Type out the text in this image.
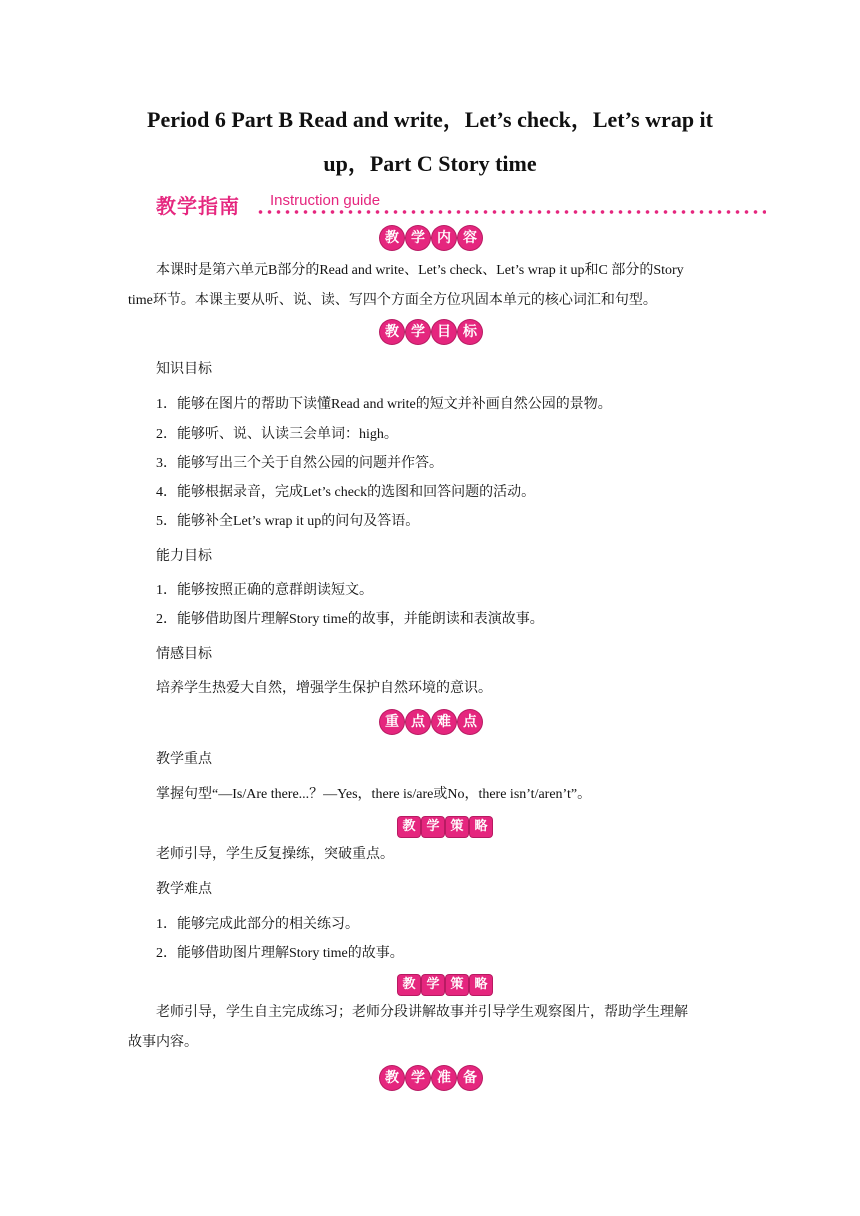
Period 6 Part B Read and write，Let’s check，Let’s wrap it
up，Part C Story time
教学指南 Instruction guide
教 学 内 容
本课时是第六单元B部分的Read and write、Let’s check、Let’s wrap it up和C 部分的Story
time环节。本课主要从听、说、读、写四个方面全方位巩固本单元的核心词汇和句型。
教 学 目 标
知识目标
1．能够在图片的帮助下读懂Read and write的短文并补画自然公园的景物。
2．能够听、说、认读三会单词：high。
3．能够写出三个关于自然公园的问题并作答。
4．能够根据录音，完成Let’s check的选图和回答问题的活动。
5．能够补全Let’s wrap it up的问句及答语。
能力目标
1．能够按照正确的意群朗读短文。
2．能够借助图片理解Story time的故事，并能朗读和表演故事。
情感目标
培养学生热爱大自然，增强学生保护自然环境的意识。
重 点 难 点
教学重点
掌握句型“—Is/Are there...？—Yes，there is/are或No，there isn’t/aren’t”。
教 学 策 略
老师引导，学生反复操练，突破重点。
教学难点
1．能够完成此部分的相关练习。
2．能够借助图片理解Story time的故事。
教 学 策 略
老师引导，学生自主完成练习；老师分段讲解故事并引导学生观察图片，帮助学生理解
故事内容。
教 学 准 备
